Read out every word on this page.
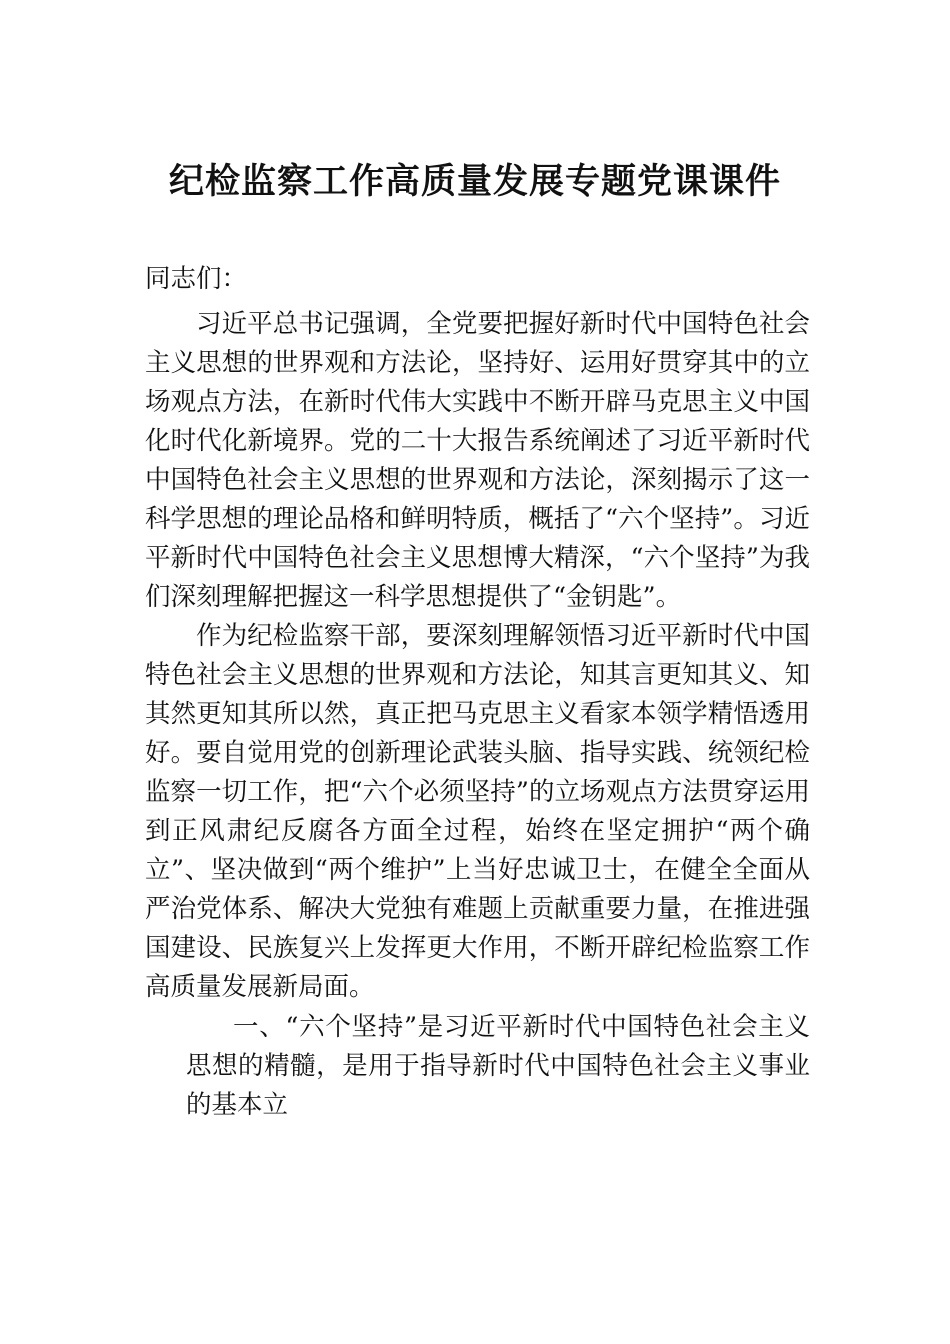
纪检监察工作高质量发展专题党课课件
同志们：
习近平总书记强调，全党要把握好新时代中国特色社会主义思想的世界观和方法论，坚持好、运用好贯穿其中的立场观点方法，在新时代伟大实践中不断开辟马克思主义中国化时代化新境界。党的二十大报告系统阐述了习近平新时代中国特色社会主义思想的世界观和方法论，深刻揭示了这一科学思想的理论品格和鲜明特质，概括了“六个坚持”。习近平新时代中国特色社会主义思想博大精深，“六个坚持”为我们深刻理解把握这一科学思想提供了“金钥匙”。
作为纪检监察干部，要深刻理解领悟习近平新时代中国特色社会主义思想的世界观和方法论，知其言更知其义、知其然更知其所以然，真正把马克思主义看家本领学精悟透用好。要自觉用党的创新理论武装头脑、指导实践、统领纪检监察一切工作，把“六个必须坚持”的立场观点方法贯穿运用到正风肃纪反腐各方面全过程，始终在坚定拥护“两个确立”、坚决做到“两个维护”上当好忠诚卫士，在健全全面从严治党体系、解决大党独有难题上贡献重要力量，在推进强国建设、民族复兴上发挥更大作用，不断开辟纪检监察工作高质量发展新局面。
一、“六个坚持”是习近平新时代中国特色社会主义思想的精髓，是用于指导新时代中国特色社会主义事业的基本立
